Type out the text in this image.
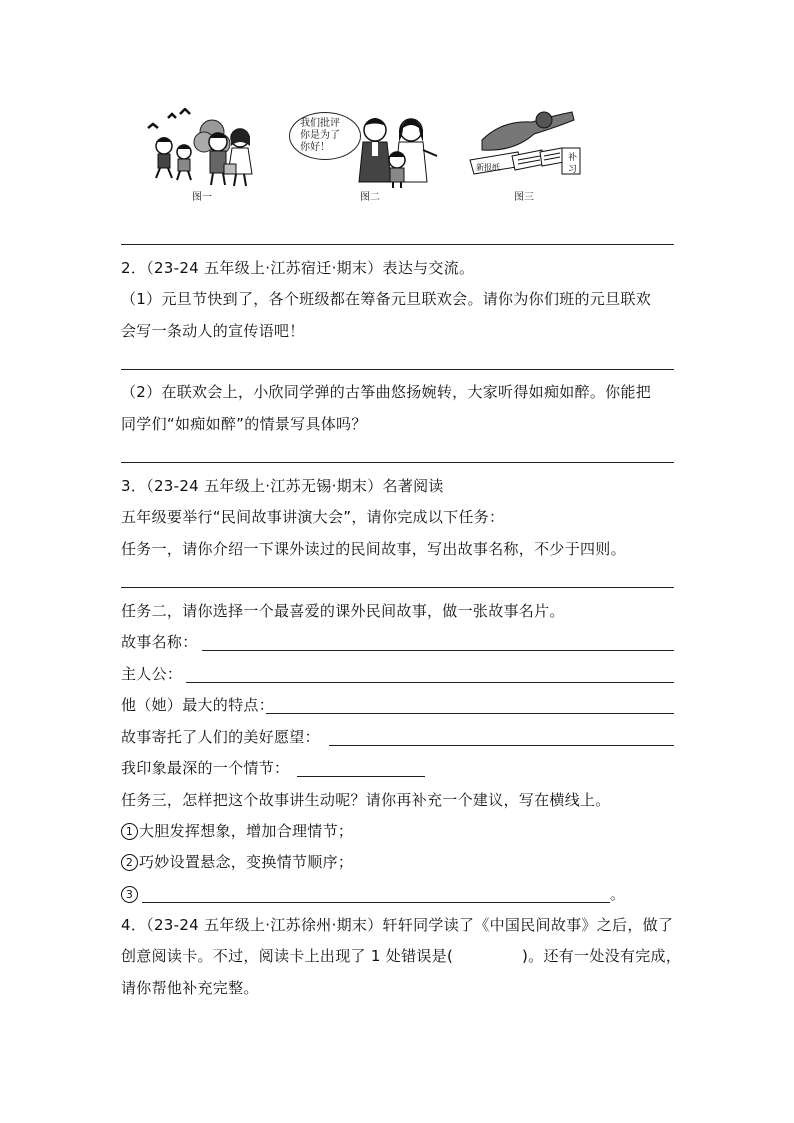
图一
我们批评
你是为了
你好！
图二
新报纸
补
习
图三
2．（23-24 五年级上·江苏宿迁·期末）表达与交流。
（1）元旦节快到了，各个班级都在筹备元旦联欢会。请你为你们班的元旦联欢
会写一条动人的宣传语吧！
（2）在联欢会上，小欣同学弹的古筝曲悠扬婉转，大家听得如痴如醉。你能把
同学们“如痴如醉”的情景写具体吗？
3．（23-24 五年级上·江苏无锡·期末）名著阅读
五年级要举行“民间故事讲演大会”，请你完成以下任务：
任务一，请你介绍一下课外读过的民间故事，写出故事名称，不少于四则。
任务二，请你选择一个最喜爱的课外民间故事，做一张故事名片。
故事名称：
主人公：
他（她）最大的特点：
故事寄托了人们的美好愿望：
我印象最深的一个情节：
任务三，怎样把这个故事讲生动呢？请你再补充一个建议，写在横线上。
1 大胆发挥想象，增加合理情节；
2 巧妙设置悬念，变换情节顺序；
3	。
4．（23-24 五年级上·江苏徐州·期末）轩轩同学读了《中国民间故事》之后，做了
创意阅读卡。不过，阅读卡上出现了 1 处错误是(	)。还有一处没有完成，
请你帮他补充完整。
